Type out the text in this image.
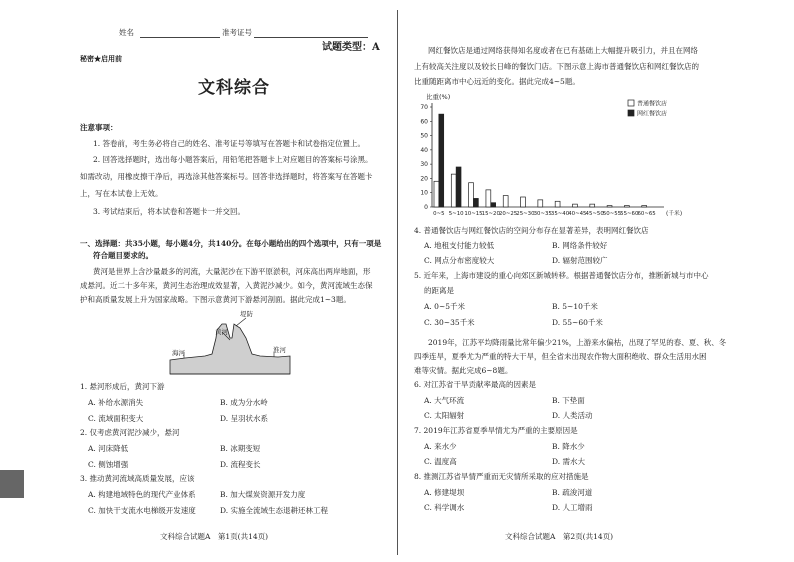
姓名	准考证号
试题类型：A
秘密★启用前
文科综合
注意事项：
1. 答卷前，考生务必将自己的姓名、准考证号等填写在答题卡和试卷指定位置上。
2. 回答选择题时，选出每小题答案后，用铅笔把答题卡上对应题目的答案标号涂黑。
如需改动，用橡皮擦干净后，再选涂其他答案标号。回答非选择题时，将答案写在答题卡
上，写在本试卷上无效。
3. 考试结束后，将本试卷和答题卡一并交回。
一、选择题：共35小题，每小题4分，共140分。在每小题给出的四个选项中，只有一项是
符合题目要求的。
黄河是世界上含沙量最多的河流，大量泥沙在下游平原淤积，河床高出两岸地面，形
成悬河。近二十多年来，黄河生态治理成效显著，入黄泥沙减少。如今，黄河流域生态保
护和高质量发展上升为国家战略。下图示意黄河下游悬河剖面。据此完成1~3题。
堤防
黄河
海河	淮河
1. 悬河形成后，黄河下游
A. 补给水源消失	B. 成为分水岭
C. 流域面积变大	D. 呈羽状水系
2. 仅考虑黄河泥沙减少，悬河
A. 河床降低	B. 冰期变短
C. 侧蚀增强	D. 流程变长
3. 推动黄河流域高质量发展，应该
A. 构建地域特色的现代产业体系	B. 加大煤炭资源开发力度
C. 加快干支流水电梯级开发速度	D. 实施全流域生态退耕还林工程
文科综合试题A　第1页(共14页)
网红餐饮店是通过网络获得知名度或者在已有基础上大幅提升吸引力，并且在网络
上有较高关注度以及较长日峰的餐饮门店。下图示意上海市普通餐饮店和网红餐饮店的
比重随距离市中心远近的变化。据此完成4~5题。
0
10
20
30
40
50
60
70
比重(%)
0~5 5~10 10~15 15~20 20~25 25~30 30~35 35~40 40~45 45~50 50~55 55~60 60~65 (千米)
普通餐饮店
网红餐饮店
4. 普通餐饮店与网红餐饮店的空间分布存在显著差异，表明网红餐饮店
A. 地租支付能力较低	B. 网络条件较好
C. 网点分布密度较大	D. 辐射范围较广
5. 近年来，上海市建设的重心向郊区新城转移。根据普通餐饮店分布，推断新城与市中心
的距离是
A. 0~5千米	B. 5~10千米
C. 30~35千米	D. 55~60千米
2019年，江苏平均降雨量比常年偏少21%，上游来水偏枯，出现了罕见的春、夏、秋、冬
四季连旱，夏季尤为严重的特大干旱，但全省未出现农作物大面积绝收、群众生活用水困
难等灾情。据此完成6~8题。
6. 对江苏省干旱贡献率最高的因素是
A. 大气环流	B. 下垫面
C. 太阳辐射	D. 人类活动
7. 2019年江苏省夏季旱情尤为严重的主要原因是
A. 来水少	B. 降水少
C. 温度高	D. 需水大
8. 推测江苏省旱情严重而无灾情所采取的应对措施是
A. 修建堤坝	B. 疏浚河道
C. 科学调水	D. 人工增雨
文科综合试题A　第2页(共14页)
